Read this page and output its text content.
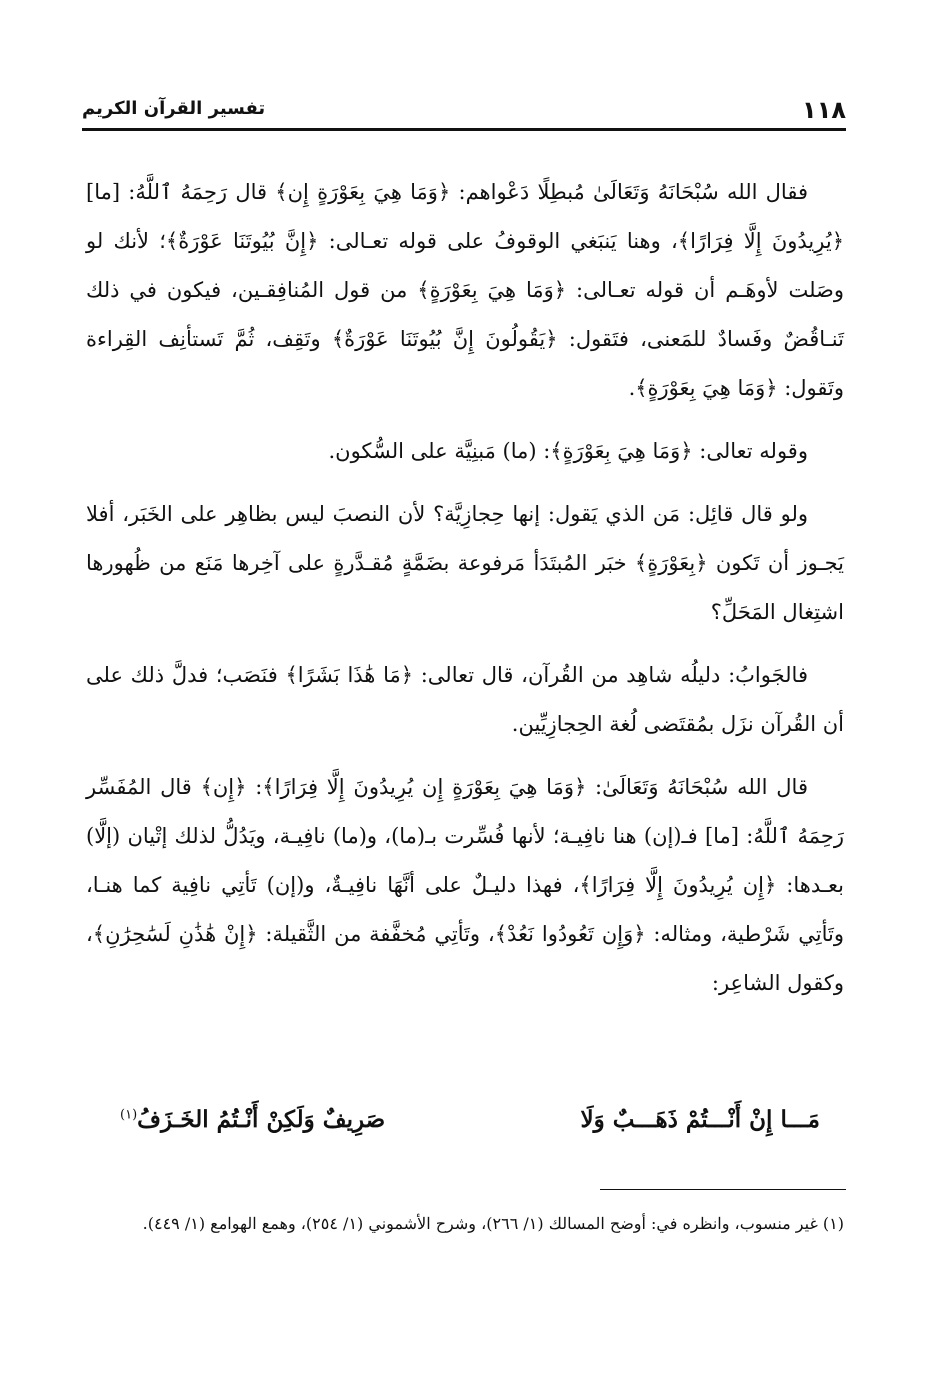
١١٨
تفسير القرآن الكريم

فقال الله سُبْحَانَهُ وَتَعَالَىٰ مُبطِلًا دَعْواهم: ﴿وَمَا هِيَ بِعَوْرَةٍ إِن﴾ قال رَحِمَهُ ٱللَّهُ: [ما] ﴿يُرِيدُونَ إِلَّا فِرَارًا﴾، وهنا يَنبَغي الوقوفُ على قوله تعـالى: ﴿إِنَّ بُيُوتَنَا عَوْرَةٌ﴾؛ لأنك لو وصَلت لأوهَـم أن قوله تعـالى: ﴿وَمَا هِيَ بِعَوْرَةٍ﴾ من قول المُنافِقـين، فيكون في ذلك تَنـاقُضٌ وفَسادٌ للمَعنى، فتَقول: ﴿يَقُولُونَ إِنَّ بُيُوتَنَا عَوْرَةٌ﴾ وتَقِف، ثُمَّ تَستأنِف القِراءة وتَقول: ﴿وَمَا هِيَ بِعَوْرَةٍ﴾.

وقوله تعالى: ﴿وَمَا هِيَ بِعَوْرَةٍ﴾: (ما) مَبنِيَّة على السُّكون.

ولو قال قائِل: مَن الذي يَقول: إنها حِجازِيَّة؟ لأن النصبَ ليس بظاهِر على الخَبَر، أفلا يَجـوز أن تَكون ﴿بِعَوْرَةٍ﴾ خبَر المُبتَدَأ مَرفوعة بضَمَّةٍ مُقـدَّرةٍ على آخِرها مَنَع من ظُهورها اشتِغال المَحَلِّ؟

فالجَوابُ: دليلُه شاهِد من القُرآن، قال تعالى: ﴿مَا هَٰذَا بَشَرًا﴾ فنَصَب؛ فدلَّ ذلك على أن القُرآن نزَل بمُقتَضى لُغة الحِجازِيِّين.

قال الله سُبْحَانَهُ وَتَعَالَىٰ: ﴿وَمَا هِيَ بِعَوْرَةٍ إِن يُرِيدُونَ إِلَّا فِرَارًا﴾: ﴿إِن﴾ قال المُفَسِّر رَحِمَهُ ٱللَّهُ: [ما] فـ(إن) هنا نافِيـة؛ لأنها فُسِّرت بـ(ما)، و(ما) نافِيـة، ويَدُلُّ لذلك إتْيان (إلَّا) بعـدها: ﴿إِن يُرِيدُونَ إِلَّا فِرَارًا﴾، فهذا دليـلٌ على أنَّهَا نافِيـةٌ، و(إن) تَأتِي نافِية كما هنـا، وتَأتِي شَرْطية، ومثاله: ﴿وَإِن تَعُودُوا نَعُدْ﴾، وتَأتِي مُخفَّفة من الثَّقيلة: ﴿إِنْ هَٰذَٰنِ لَسَٰحِرَٰنِ﴾، وكقول الشاعِر:

مَـــا إِنْ أَنْـــتُمْ ذَهَـــبٌ وَلَا
صَرِيفٌ وَلَكِنْ أَنْـتُمُ الخَـزَفُ$^{(١)}$
(١) غير منسوب، وانظره في: أوضح المسالك (١/ ٢٦٦)، وشرح الأشموني (١/ ٢٥٤)، وهمع الهوامع (١/ ٤٤٩).
